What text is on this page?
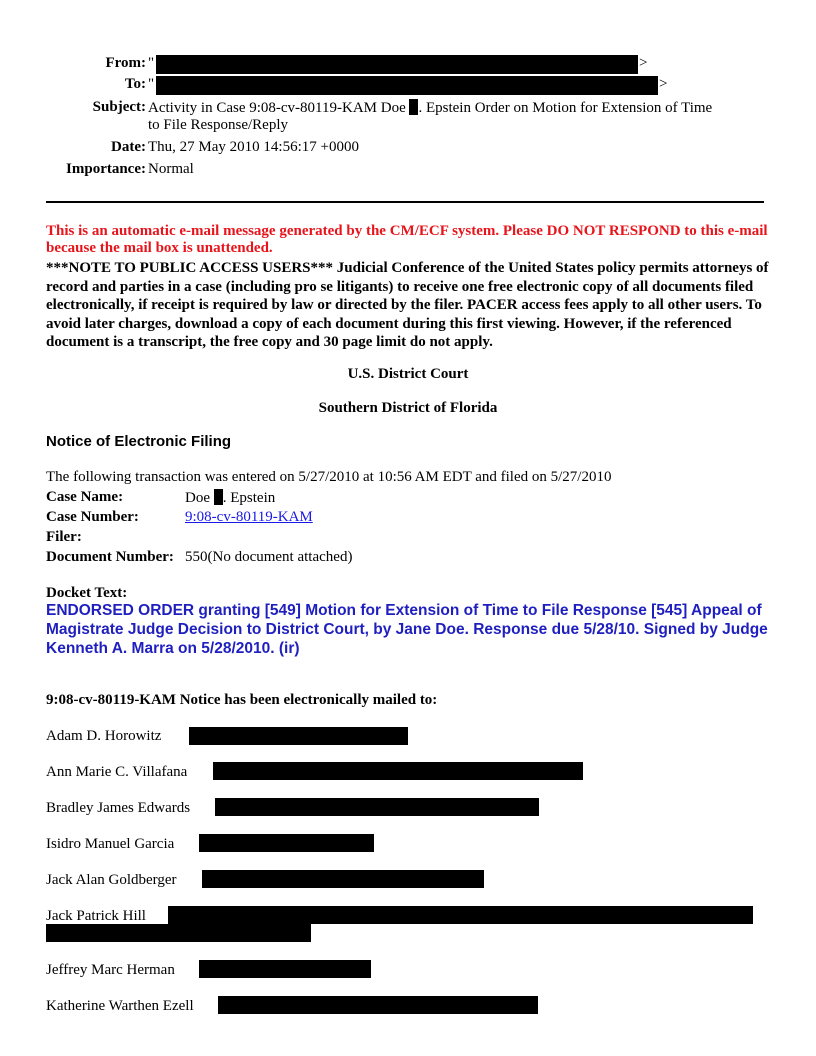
From: "	>
To: "	>
Subject: Activity in Case 9:08-cv-80119-KAM Doe . Epstein Order on Motion for Extension of Time
to File Response/Reply
Date: Thu, 27 May 2010 14:56:17 +0000
Importance: Normal
This is an automatic e-mail message generated by the CM/ECF system. Please DO NOT RESPOND to this e-mail because the mail box is unattended.
***NOTE TO PUBLIC ACCESS USERS*** Judicial Conference of the United States policy permits attorneys of record and parties in a case (including pro se litigants) to receive one free electronic copy of all documents filed electronically, if receipt is required by law or directed by the filer. PACER access fees apply to all other users. To avoid later charges, download a copy of each document during this first viewing. However, if the referenced document is a transcript, the free copy and 30 page limit do not apply.
U.S. District Court
Southern District of Florida
Notice of Electronic Filing
The following transaction was entered on 5/27/2010 at 10:56 AM EDT and filed on 5/27/2010
Case Name:	Doe . Epstein
Case Number:	9:08-cv-80119-KAM
Filer:
Document Number: 550(No document attached)
Docket Text:
ENDORSED ORDER granting [549] Motion for Extension of Time to File Response [545] Appeal of Magistrate Judge Decision to District Court, by Jane Doe. Response due 5/28/10. Signed by Judge Kenneth A. Marra on 5/28/2010. (ir)
9:08-cv-80119-KAM Notice has been electronically mailed to:
Adam D. Horowitz
Ann Marie C. Villafana
Bradley James Edwards
Isidro Manuel Garcia
Jack Alan Goldberger
Jack Patrick Hill
Jeffrey Marc Herman
Katherine Warthen Ezell
